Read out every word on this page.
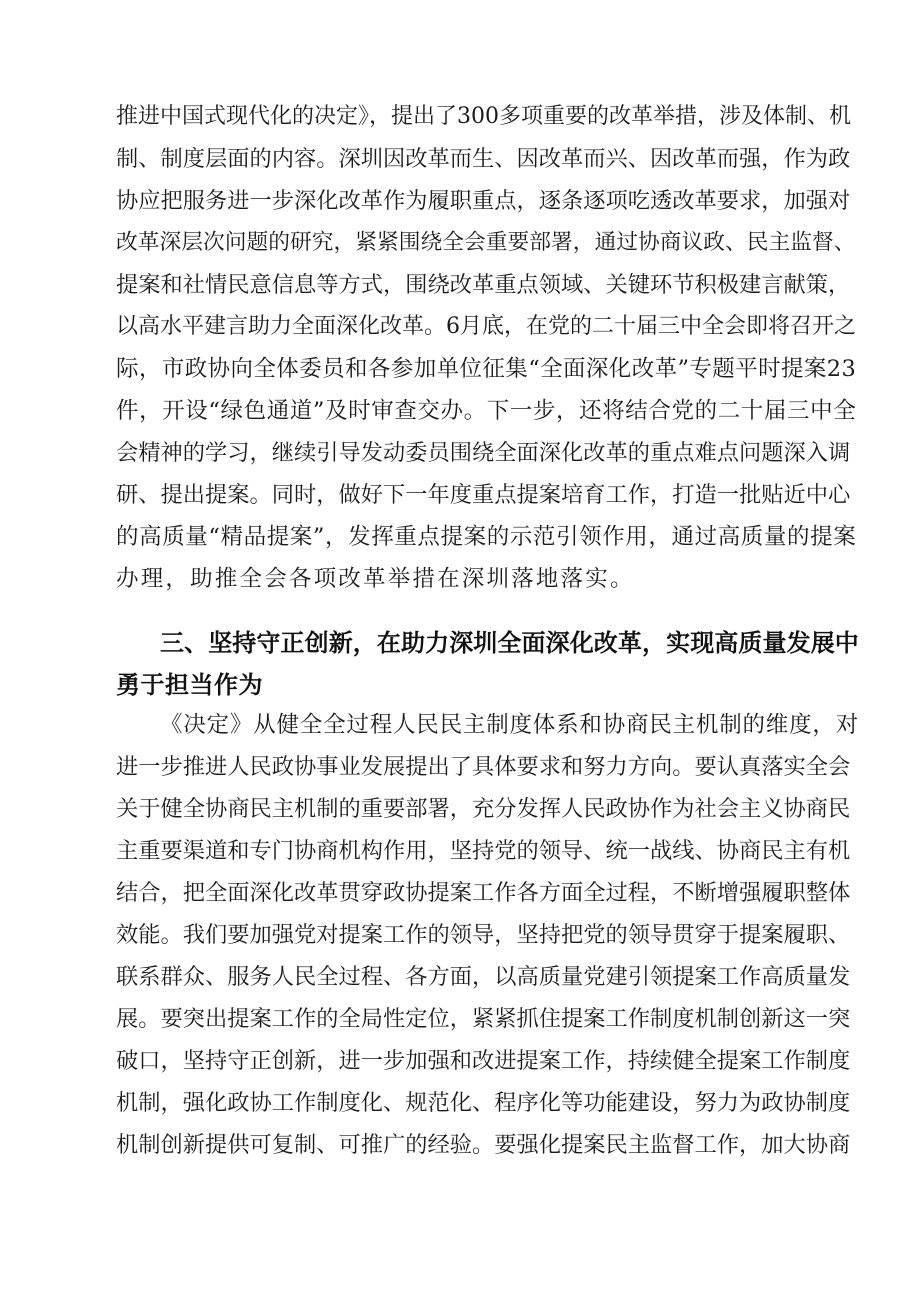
推进中国式现代化的决定》，提出了300多项重要的改革举措，涉及体制、机
制、制度层面的内容。深圳因改革而生、因改革而兴、因改革而强，作为政
协应把服务进一步深化改革作为履职重点，逐条逐项吃透改革要求，加强对
改革深层次问题的研究，紧紧围绕全会重要部署，通过协商议政、民主监督、
提案和社情民意信息等方式，围绕改革重点领域、关键环节积极建言献策，
以高水平建言助力全面深化改革。6月底，在党的二十届三中全会即将召开之
际，市政协向全体委员和各参加单位征集“全面深化改革”专题平时提案23
件，开设“绿色通道”及时审查交办。下一步，还将结合党的二十届三中全
会精神的学习，继续引导发动委员围绕全面深化改革的重点难点问题深入调
研、提出提案。同时，做好下一年度重点提案培育工作，打造一批贴近中心
的高质量“精品提案”，发挥重点提案的示范引领作用，通过高质量的提案
办理，助推全会各项改革举措在深圳落地落实。
三、坚持守正创新，在助力深圳全面深化改革，实现高质量发展中
勇于担当作为
《决定》从健全全过程人民民主制度体系和协商民主机制的维度，对
进一步推进人民政协事业发展提出了具体要求和努力方向。要认真落实全会
关于健全协商民主机制的重要部署，充分发挥人民政协作为社会主义协商民
主重要渠道和专门协商机构作用，坚持党的领导、统一战线、协商民主有机
结合，把全面深化改革贯穿政协提案工作各方面全过程，不断增强履职整体
效能。我们要加强党对提案工作的领导，坚持把党的领导贯穿于提案履职、
联系群众、服务人民全过程、各方面，以高质量党建引领提案工作高质量发
展。要突出提案工作的全局性定位，紧紧抓住提案工作制度机制创新这一突
破口，坚持守正创新，进一步加强和改进提案工作，持续健全提案工作制度
机制，强化政协工作制度化、规范化、程序化等功能建设，努力为政协制度
机制创新提供可复制、可推广的经验。要强化提案民主监督工作，加大协商
